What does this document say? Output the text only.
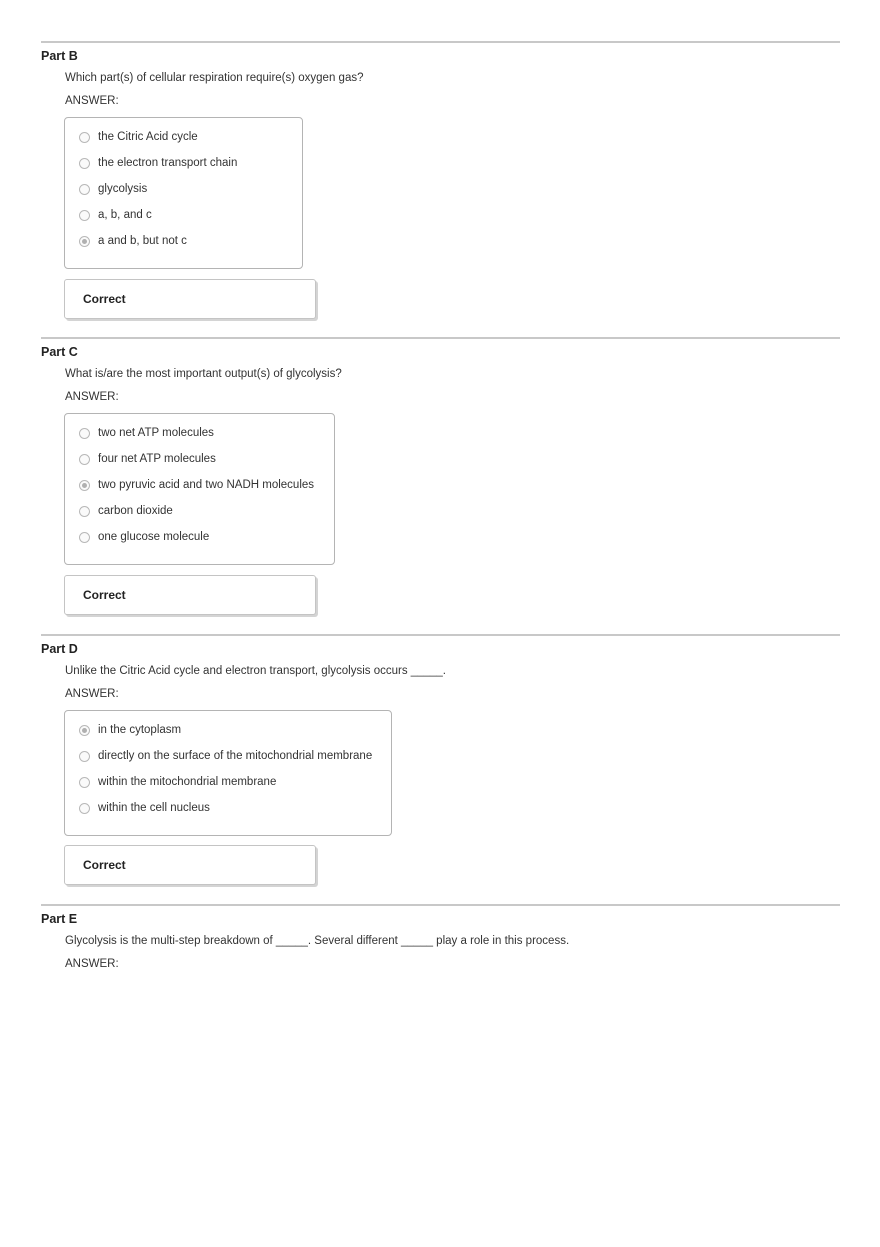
Part B

Which part(s) of cellular respiration require(s) oxygen gas?

ANSWER:

the Citric Acid cycle
the electron transport chain
glycolysis
a, b, and c
a and b, but not c
Correct
Part C

What is/are the most important output(s) of glycolysis?

ANSWER:

two net ATP molecules
four net ATP molecules
two pyruvic acid and two NADH molecules
carbon dioxide
one glucose molecule
Correct
Part D

Unlike the Citric Acid cycle and electron transport, glycolysis occurs _____.

ANSWER:

in the cytoplasm
directly on the surface of the mitochondrial membrane
within the mitochondrial membrane
within the cell nucleus
Correct
Part E

Glycolysis is the multi-step breakdown of _____. Several different _____ play a role in this process.

ANSWER:
